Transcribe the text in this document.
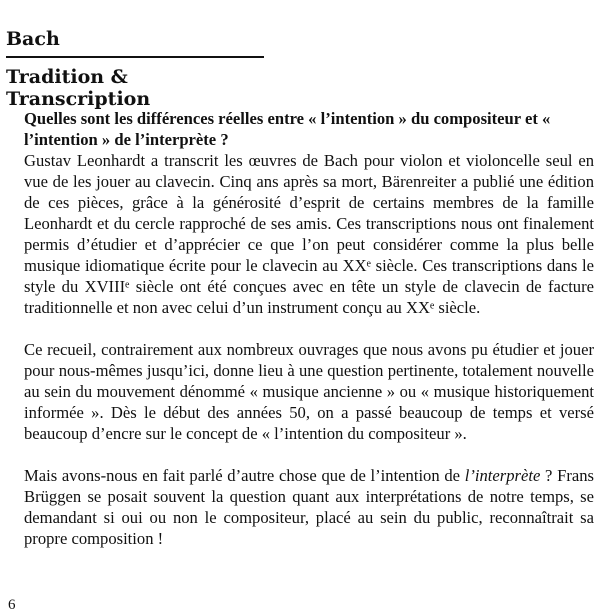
Bach
Tradition & Transcription

Quelles sont les différences réelles entre « l’intention » du compositeur et « l’intention » de l’interprète ?

Gustav Leonhardt a transcrit les œuvres de Bach pour violon et violoncelle seul en vue de les jouer au clavecin. Cinq ans après sa mort, Bärenreiter a publié une édition de ces pièces, grâce à la générosité d’esprit de certains membres de la famille Leonhardt et du cercle rapproché de ses amis. Ces transcriptions nous ont finalement permis d’étudier et d’apprécier ce que l’on peut considérer comme la plus belle musique idiomatique écrite pour le clavecin au XXᵉ siècle. Ces transcriptions dans le style du XVIIIᵉ siècle ont été conçues avec en tête un style de clavecin de facture traditionnelle et non avec celui d’un instrument conçu au XXᵉ siècle.

Ce recueil, contrairement aux nombreux ouvrages que nous avons pu étudier et jouer pour nous-mêmes jusqu’ici, donne lieu à une question pertinente, totalement nouvelle au sein du mouvement dénommé « musique ancienne » ou « musique historiquement informée ». Dès le début des années 50, on a passé beaucoup de temps et versé beaucoup d’encre sur le concept de « l’intention du compositeur ».

Mais avons-nous en fait parlé d’autre chose que de l’intention de l’interprète ? Frans Brüggen se posait souvent la question quant aux interprétations de notre temps, se demandant si oui ou non le compositeur, placé au sein du public, reconnaîtrait sa propre composition !

6
